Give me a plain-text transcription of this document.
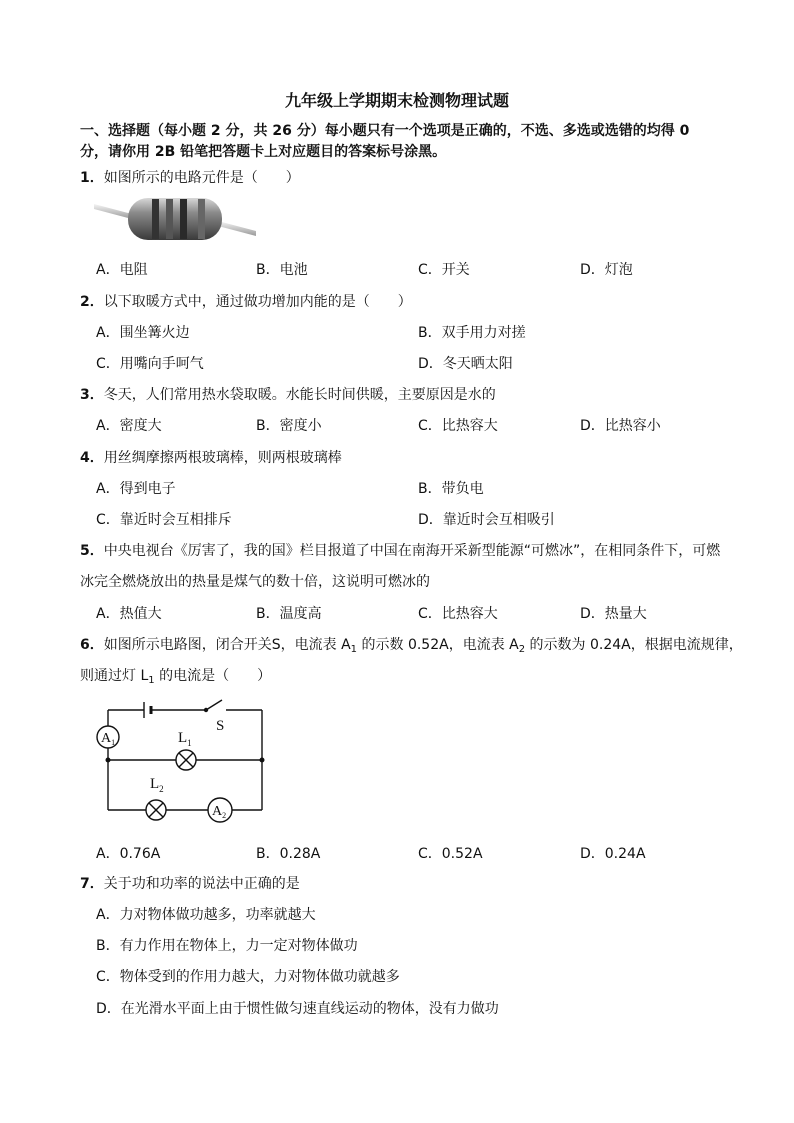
九年级上学期期末检测物理试题
一、选择题（每小题 2 分，共 26 分）每小题只有一个选项是正确的，不选、多选或选错的均得 0
分，请你用 2B 铅笔把答题卡上对应题目的答案标号涂黑。
1．如图所示的电路元件是（　　）
A．电阻	B．电池	C．开关	D．灯泡
2．以下取暖方式中，通过做功增加内能的是（　　）
A．围坐篝火边	B．双手用力对搓
C．用嘴向手呵气	D．冬天晒太阳
3．冬天，人们常用热水袋取暖。水能长时间供暖，主要原因是水的
A．密度大	B．密度小	C．比热容大	D．比热容小
4．用丝绸摩擦两根玻璃棒，则两根玻璃棒
A．得到电子	B．带负电
C．靠近时会互相排斥	D．靠近时会互相吸引
5．中央电视台《厉害了，我的国》栏目报道了中国在南海开采新型能源“可燃冰”，在相同条件下，可燃
冰完全燃烧放出的热量是煤气的数十倍，这说明可燃冰的
A．热值大	B．温度高	C．比热容大	D．热量大
6．如图所示电路图，闭合开关S，电流表 $A_1$ 的示数 0.52A，电流表 $A_2$ 的示数为 0.24A，根据电流规律，
则通过灯 $L_1$ 的电流是（　　）
$A_1$
$A_2$
$L_1$
$L_2$
S
A．0.76A	B．0.28A	C．0.52A	D．0.24A
7．关于功和功率的说法中正确的是
A．力对物体做功越多，功率就越大
B．有力作用在物体上，力一定对物体做功
C．物体受到的作用力越大，力对物体做功就越多
D．在光滑水平面上由于惯性做匀速直线运动的物体，没有力做功
